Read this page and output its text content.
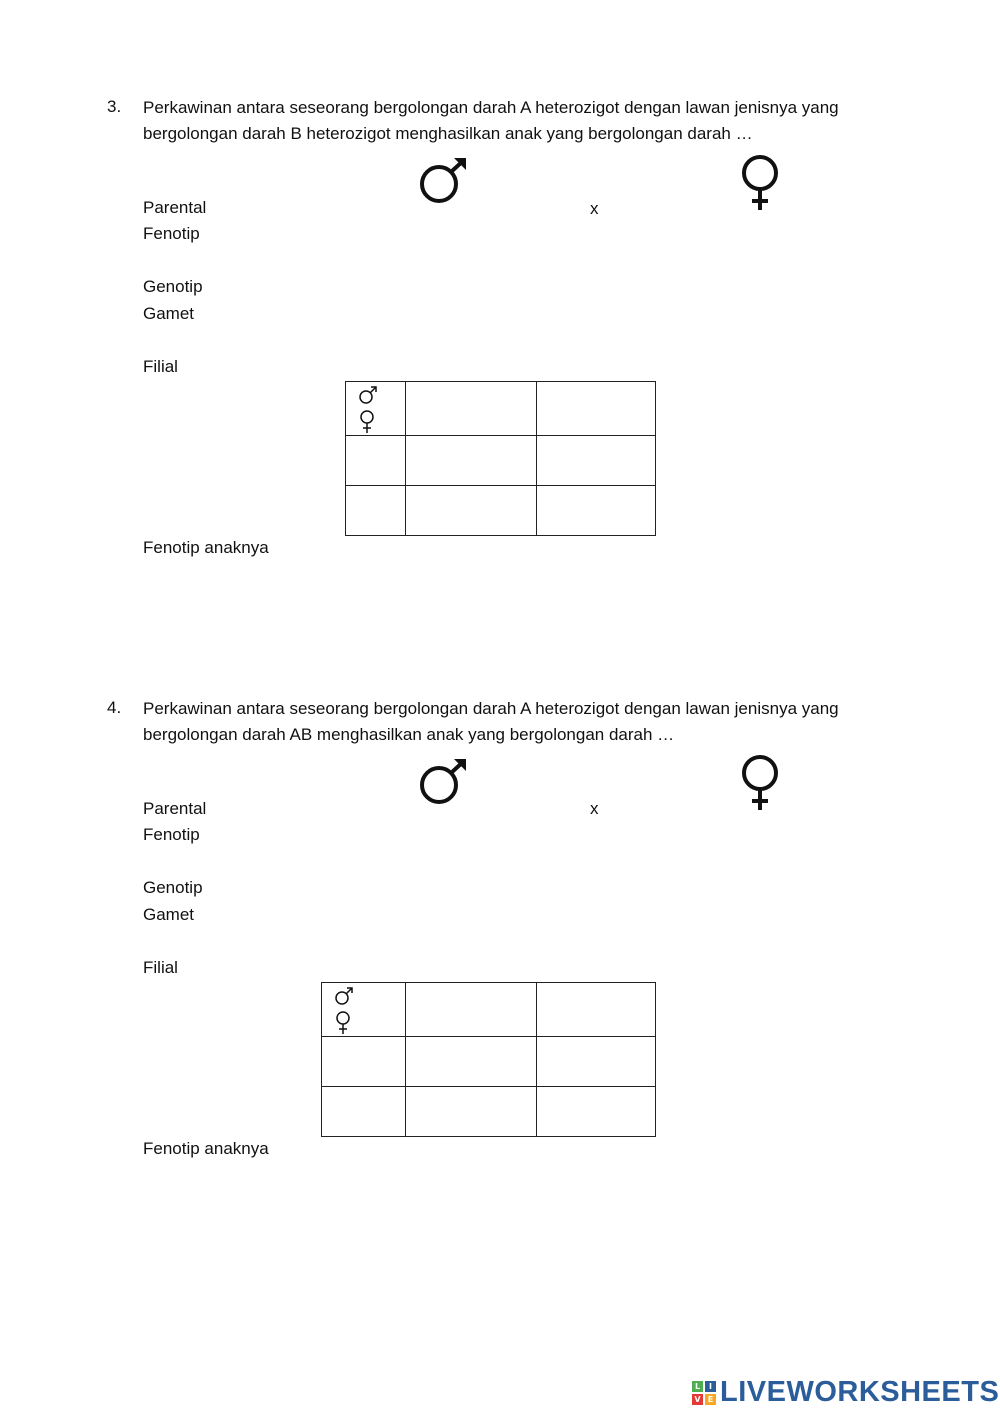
3. Perkawinan antara seseorang bergolongan darah A heterozigot dengan lawan jenisnya yang
bergolongan darah B heterozigot menghasilkan anak yang bergolongan darah …
x
Parental
Fenotip
Genotip
Gamet
Filial

Fenotip anaknya
4. Perkawinan antara seseorang bergolongan darah A heterozigot dengan lawan jenisnya yang
bergolongan darah AB menghasilkan anak yang bergolongan darah …
x
Parental
Fenotip
Genotip
Gamet
Filial

Fenotip anaknya
L	I
V E LIVEWORKSHEETS
